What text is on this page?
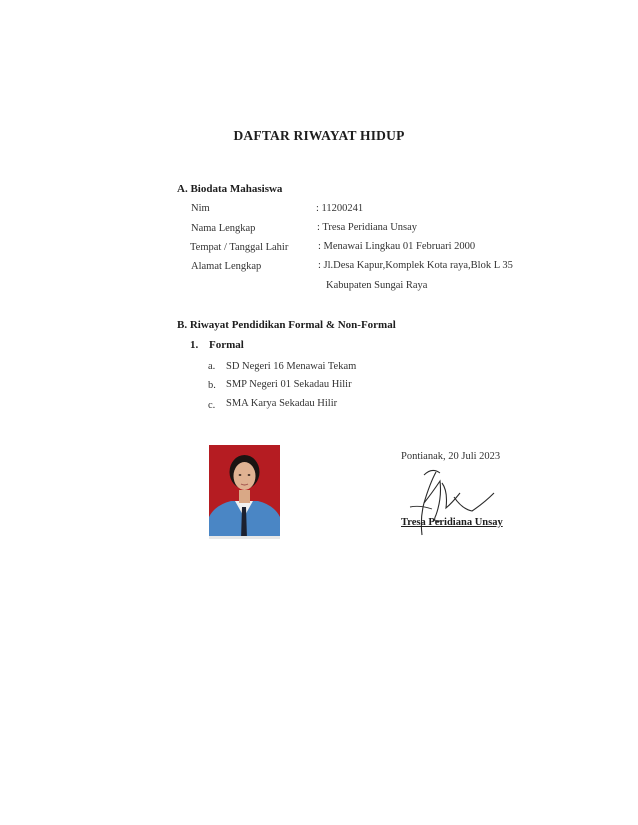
DAFTAR RIWAYAT HIDUP
A. Biodata Mahasiswa
Nim	: 11200241
Nama Lengkap	: Tresa Peridiana Unsay
Tempat / Tanggal Lahir	: Menawai Lingkau 01 Februari 2000
Alamat Lengkap	: Jl.Desa Kapur,Komplek Kota raya,Blok L 35
Kabupaten Sungai Raya
B. Riwayat Pendidikan Formal & Non-Formal
1. Formal
a. SD Negeri 16 Menawai Tekam
b. SMP Negeri 01 Sekadau Hilir
c. SMA Karya Sekadau Hilir
Pontianak, 20 Juli 2023
Tresa Peridiana Unsay
